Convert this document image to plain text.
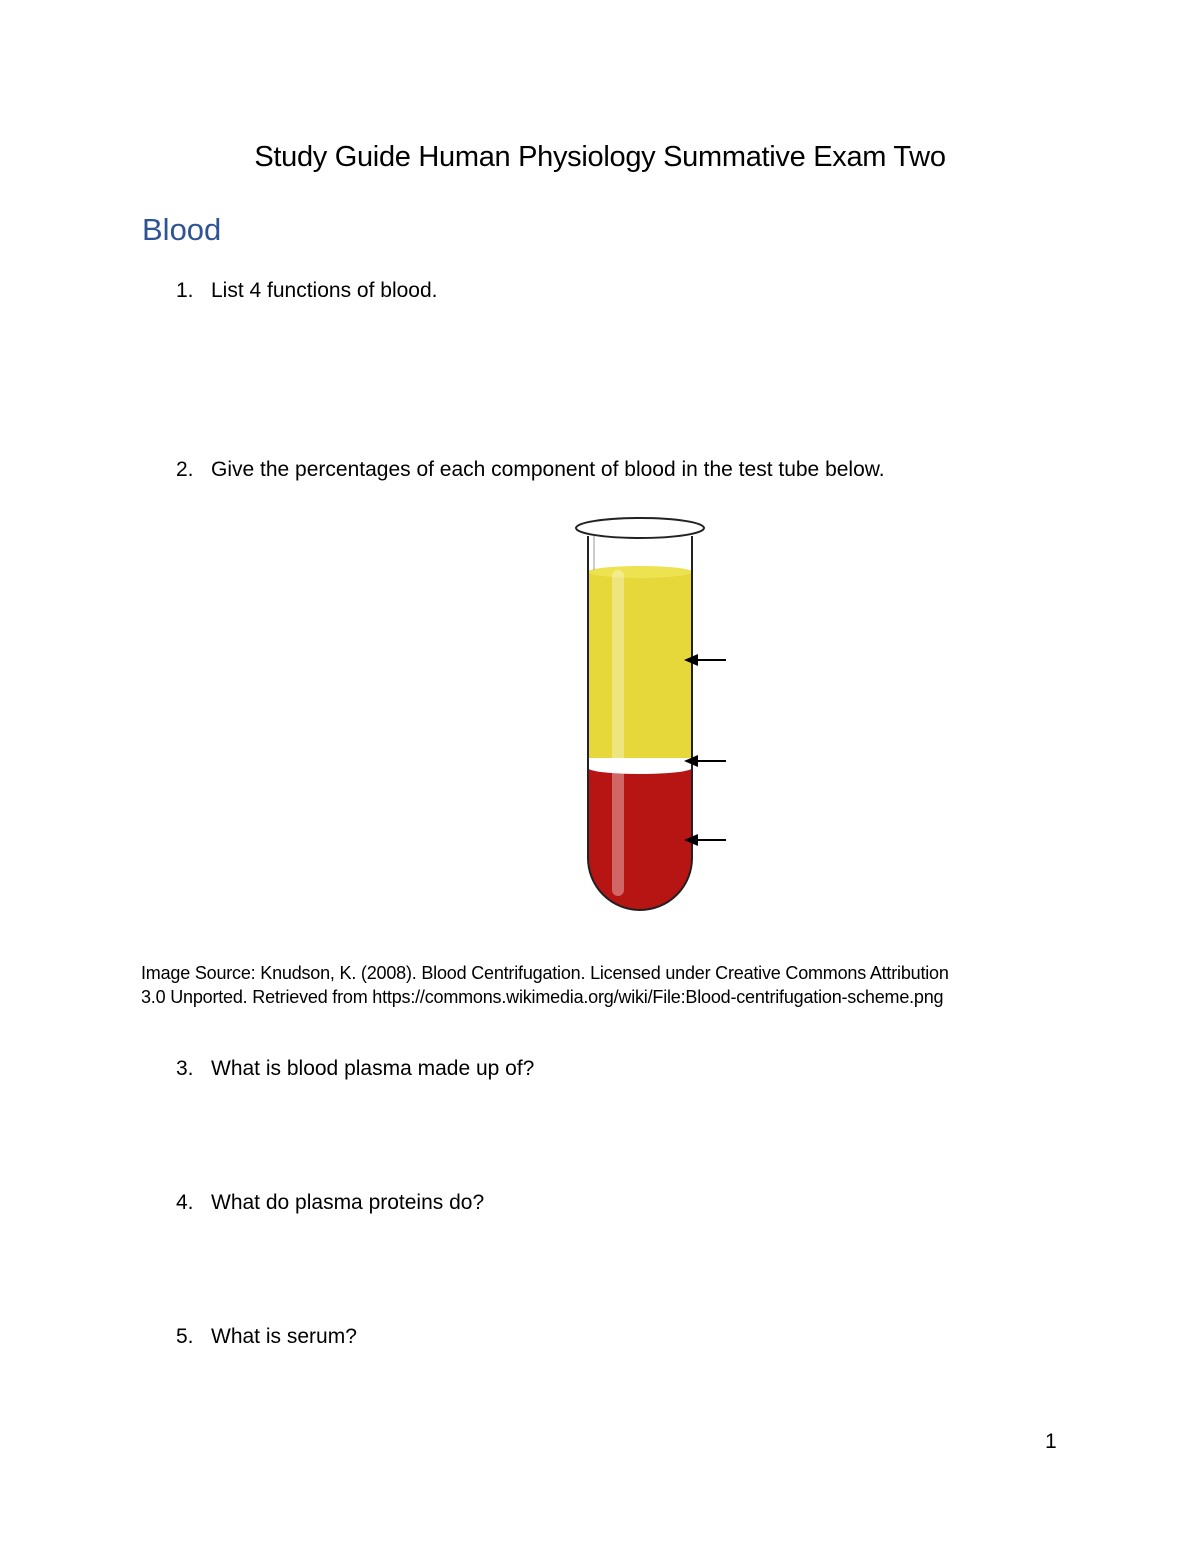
Study Guide Human Physiology Summative Exam Two
Blood
1. List 4 functions of blood.
2. Give the percentages of each component of blood in the test tube below.
Image Source: Knudson, K. (2008). Blood Centrifugation. Licensed under Creative Commons Attribution
3.0 Unported. Retrieved from https://commons.wikimedia.org/wiki/File:Blood-centrifugation-scheme.png
3. What is blood plasma made up of?
4. What do plasma proteins do?
5. What is serum?
1
